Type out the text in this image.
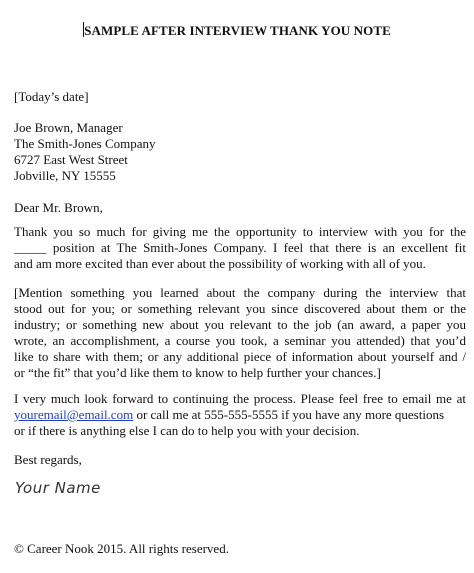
SAMPLE AFTER INTERVIEW THANK YOU NOTE
[Today’s date]
Joe Brown, Manager
The Smith-Jones Company
6727 East West Street
Jobville, NY 15555
Dear Mr. Brown,
Thank you so much for giving me the opportunity to interview with you for the
_____ position at The Smith-Jones Company. I feel that there is an excellent fit
and am more excited than ever about the possibility of working with all of you.
[Mention something you learned about the company during the interview that
stood out for you; or something relevant you since discovered about them or the
industry; or something new about you relevant to the job (an award, a paper you
wrote, an accomplishment, a course you took, a seminar you attended) that you’d
like to share with them; or any additional piece of information about yourself and /
or “the fit” that you’d like them to know to help further your chances.]
I very much look forward to continuing the process. Please feel free to email me at
youremail@email.com or call me at 555-555-5555 if you have any more questions
or if there is anything else I can do to help you with your decision.
Best regards,
Your Name
© Career Nook 2015. All rights reserved.
